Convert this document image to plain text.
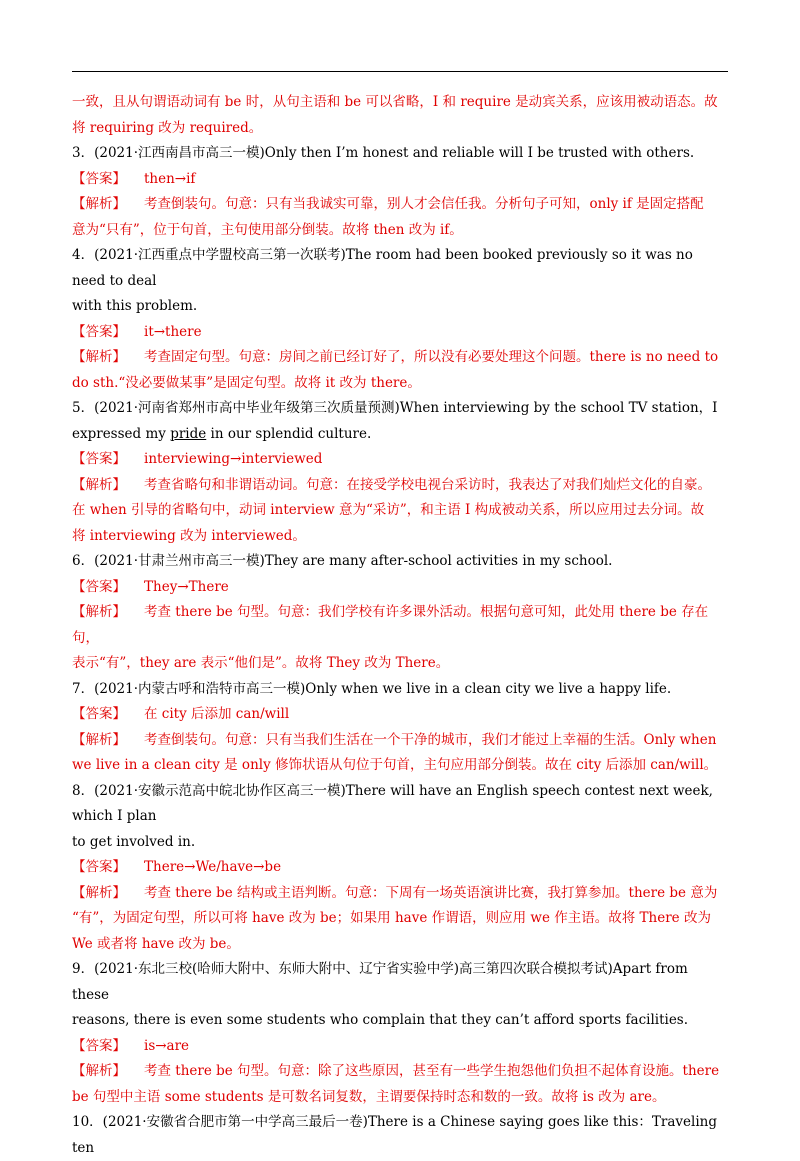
一致，且从句谓语动词有 be 时，从句主语和 be 可以省略，I 和 require 是动宾关系，应该用被动语态。故

将 requiring 改为 required。

3．(2021·江西南昌市高三一模)Only then I’m honest and reliable will I be trusted with others.

【答案】 then→if

【解析】 考查倒装句。句意：只有当我诚实可靠，别人才会信任我。分析句子可知，only if 是固定搭配

意为“只有”，位于句首，主句使用部分倒装。故将 then 改为 if。

4．(2021·江西重点中学盟校高三第一次联考)The room had been booked previously so it was no need to deal

with this problem.

【答案】 it→there

【解析】 考查固定句型。句意：房间之前已经订好了，所以没有必要处理这个问题。there is no need to

do sth.“没必要做某事”是固定句型。故将 it 改为 there。

5．(2021·河南省郑州市高中毕业年级第三次质量预测)When interviewing by the school TV station，I

expressed my pride in our splendid culture.

【答案】 interviewing→interviewed

【解析】 考查省略句和非谓语动词。句意：在接受学校电视台采访时，我表达了对我们灿烂文化的自豪。

在 when 引导的省略句中，动词 interview 意为“采访”，和主语 I 构成被动关系，所以应用过去分词。故

将 interviewing 改为 interviewed。

6．(2021·甘肃兰州市高三一模)They are many after-school activities in my school.

【答案】 They→There

【解析】 考查 there be 句型。句意：我们学校有许多课外活动。根据句意可知，此处用 there be 存在句，

表示“有”，they are 表示“他们是”。故将 They 改为 There。

7．(2021·内蒙古呼和浩特市高三一模)Only when we live in a clean city we live a happy life.

【答案】 在 city 后添加 can/will

【解析】 考查倒装句。句意：只有当我们生活在一个干净的城市，我们才能过上幸福的生活。Only when

we live in a clean city 是 only 修饰状语从句位于句首，主句应用部分倒装。故在 city 后添加 can/will。

8．(2021·安徽示范高中皖北协作区高三一模)There will have an English speech contest next week, which I plan

to get involved in.

【答案】 There→We/have→be

【解析】 考查 there be 结构或主语判断。句意：下周有一场英语演讲比赛，我打算参加。there be 意为

“有”，为固定句型，所以可将 have 改为 be；如果用 have 作谓语，则应用 we 作主语。故将 There 改为

We 或者将 have 改为 be。

9．(2021·东北三校(哈师大附中、东师大附中、辽宁省实验中学)高三第四次联合模拟考试)Apart from these

reasons, there is even some students who complain that they can’t afford sports facilities.

【答案】 is→are

【解析】 考查 there be 句型。句意：除了这些原因，甚至有一些学生抱怨他们负担不起体育设施。there

be 句型中主语 some students 是可数名词复数，主谓要保持时态和数的一致。故将 is 改为 are。

10．(2021·安徽省合肥市第一中学高三最后一卷)There is a Chinese saying goes like this：Traveling ten
